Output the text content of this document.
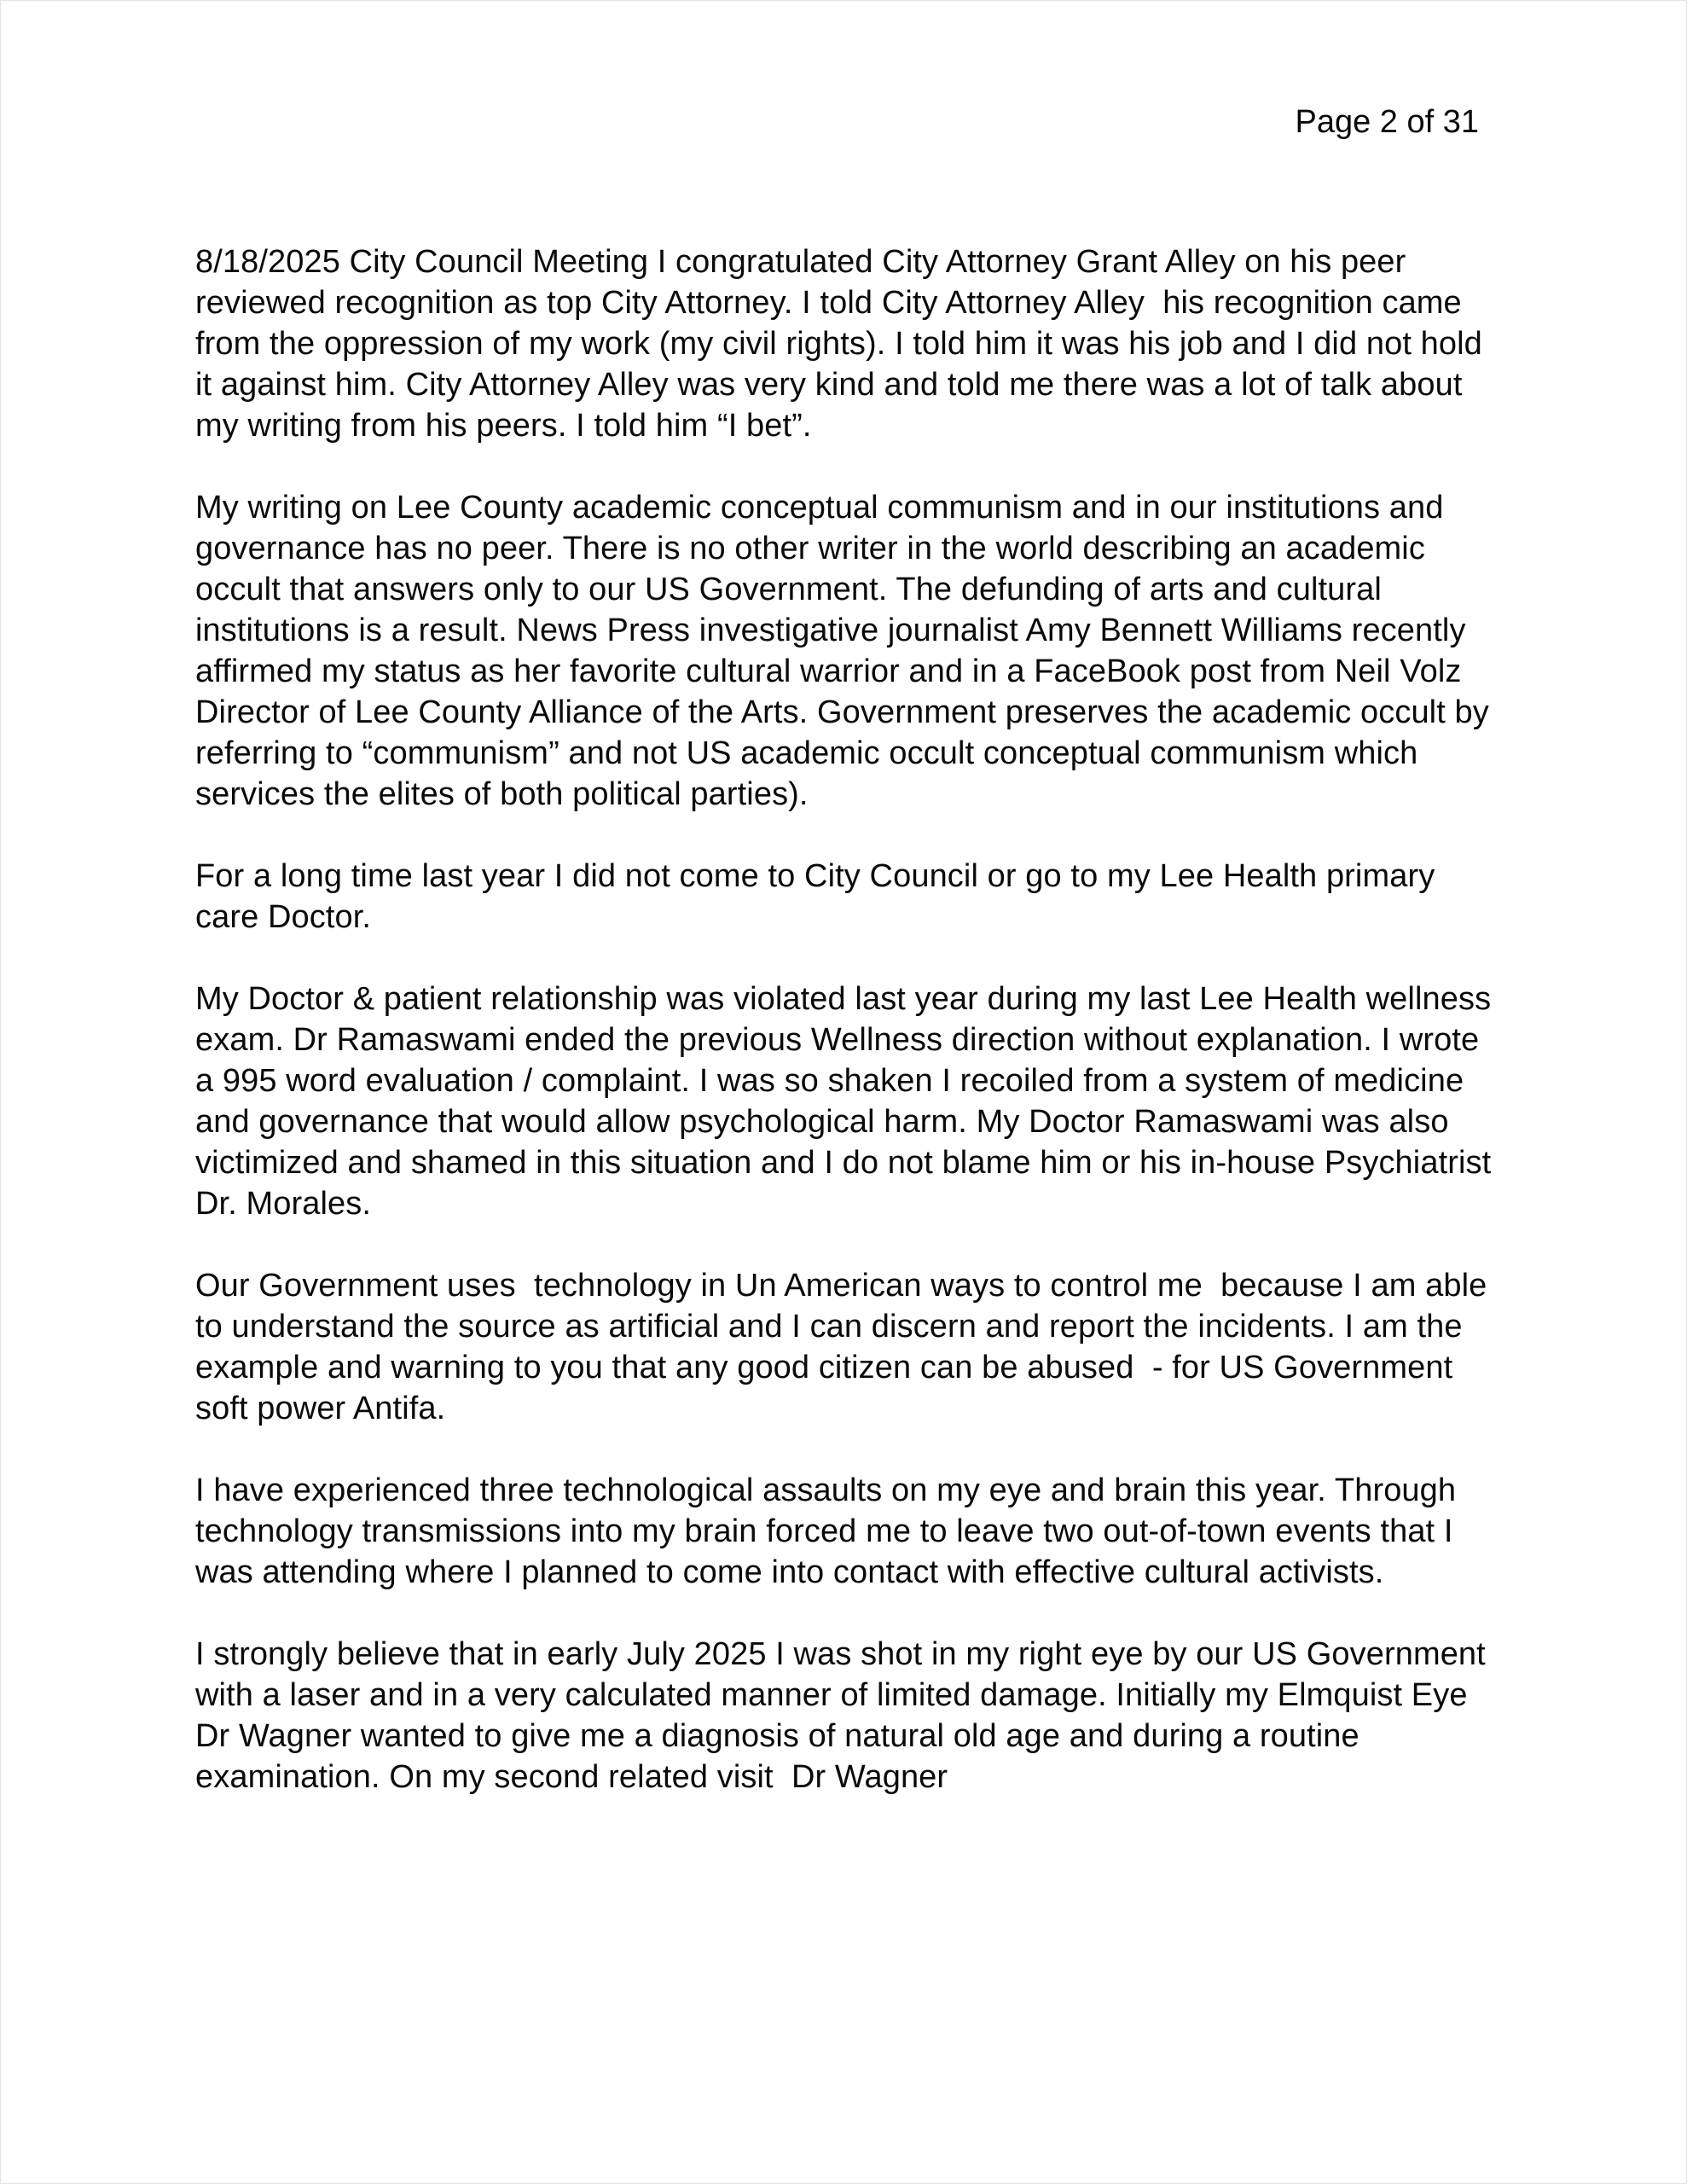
Page 2 of 31

8/18/2025 City Council Meeting I congratulated City Attorney Grant Alley on his peer reviewed recognition as top City Attorney. I told City Attorney Alley  his recognition came from the oppression of my work (my civil rights). I told him it was his job and I did not hold it against him. City Attorney Alley was very kind and told me there was a lot of talk about my writing from his peers. I told him “I bet”.

My writing on Lee County academic conceptual communism and in our institutions and governance has no peer. There is no other writer in the world describing an academic occult that answers only to our US Government. The defunding of arts and cultural institutions is a result. News Press investigative journalist Amy Bennett Williams recently affirmed my status as her favorite cultural warrior and in a FaceBook post from Neil Volz Director of Lee County Alliance of the Arts. Government preserves the academic occult by referring to “communism” and not US academic occult conceptual communism which services the elites of both political parties).

For a long time last year I did not come to City Council or go to my Lee Health primary care Doctor.

My Doctor & patient relationship was violated last year during my last Lee Health wellness exam. Dr Ramaswami ended the previous Wellness direction without explanation. I wrote a 995 word evaluation / complaint. I was so shaken I recoiled from a system of medicine and governance that would allow psychological harm. My Doctor Ramaswami was also victimized and shamed in this situation and I do not blame him or his in-house Psychiatrist Dr. Morales.

Our Government uses  technology in Un American ways to control me  because I am able to understand the source as artificial and I can discern and report the incidents. I am the example and warning to you that any good citizen can be abused  - for US Government soft power Antifa.

I have experienced three technological assaults on my eye and brain this year. Through technology transmissions into my brain forced me to leave two out-of-town events that I was attending where I planned to come into contact with effective cultural activists.

I strongly believe that in early July 2025 I was shot in my right eye by our US Government with a laser and in a very calculated manner of limited damage. Initially my Elmquist Eye Dr Wagner wanted to give me a diagnosis of natural old age and during a routine examination. On my second related visit  Dr Wagner
